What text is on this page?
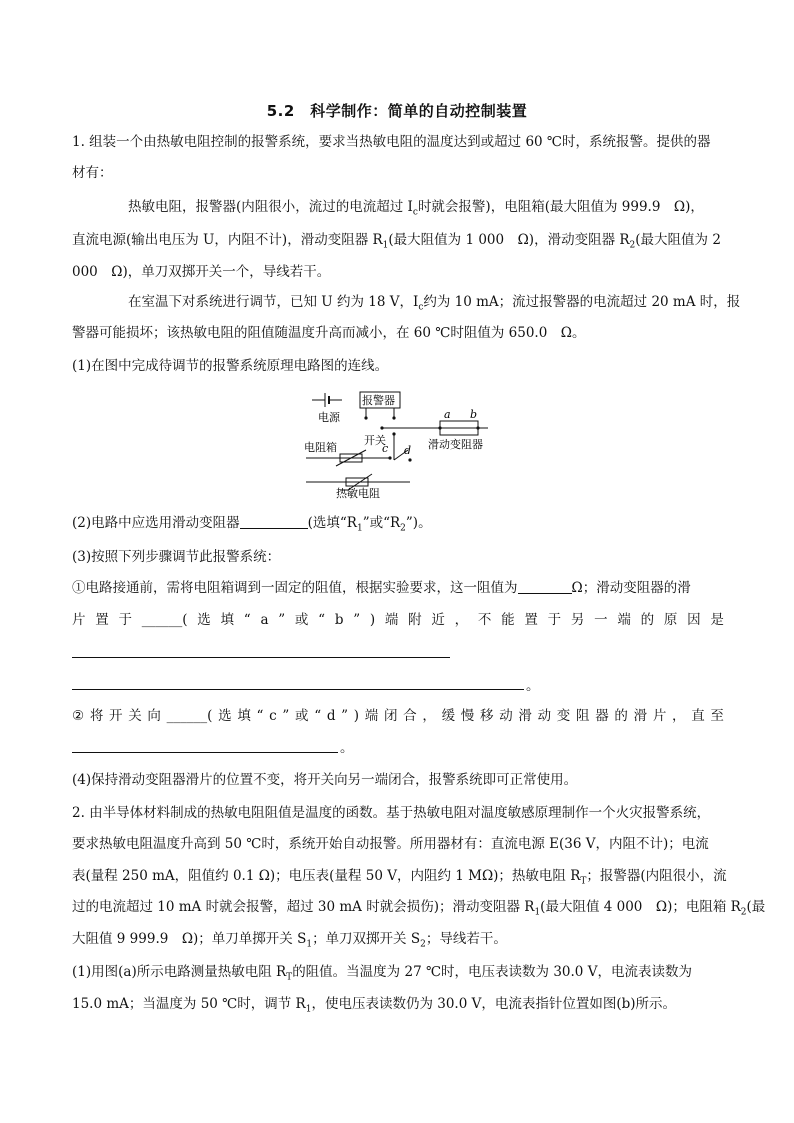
5.2　科学制作：简单的自动控制装置
1. 组装一个由热敏电阻控制的报警系统，要求当热敏电阻的温度达到或超过 60 ℃时，系统报警。提供的器
材有：
热敏电阻，报警器(内阻很小，流过的电流超过 $I_c$时就会报警)，电阻箱(最大阻值为 999.9　Ω)，
直流电源(输出电压为 U，内阻不计)，滑动变阻器 $R_1$(最大阻值为 1 000　Ω)，滑动变阻器 $R_2$(最大阻值为 2
000　Ω)，单刀双掷开关一个，导线若干。
在室温下对系统进行调节，已知 U 约为 18 V，$I_c$约为 10 mA；流过报警器的电流超过 20 mA 时，报
警器可能损坏；该热敏电阻的阻值随温度升高而减小，在 60 ℃时阻值为 650.0　Ω。
(1)在图中完成待调节的报警系统原理电路图的连线。
电源
报警器
开关
电阻箱	滑动变阻器
热敏电阻
a b
c d
(2)电路中应选用滑动变阻器	(选填“$R_1$”或“$R_2$”)。
(3)按照下列步骤调节此报警系统：
①电路接通前，需将电阻箱调到一固定的阻值，根据实验要求，这一阻值为	Ω；滑动变阻器的滑
片 置 于 ______( 选 填 “ a ” 或 “ b ” ) 端 附 近 ， 不 能 置 于 另 一 端 的 原 因 是
。
② 将 开 关 向 ______( 选 填 “ c ” 或 “ d ” ) 端 闭 合 ， 缓 慢 移 动 滑 动 变 阻 器 的 滑 片 ， 直 至
。
(4)保持滑动变阻器滑片的位置不变，将开关向另一端闭合，报警系统即可正常使用。
2. 由半导体材料制成的热敏电阻阻值是温度的函数。基于热敏电阻对温度敏感原理制作一个火灾报警系统，
要求热敏电阻温度升高到 50 ℃时，系统开始自动报警。所用器材有：直流电源 E(36 V，内阻不计)；电流
表(量程 250 mA，阻值约 0.1 Ω)；电压表(量程 50 V，内阻约 1 MΩ)；热敏电阻 $R_T$；报警器(内阻很小，流
过的电流超过 10 mA 时就会报警，超过 30 mA 时就会损伤)；滑动变阻器 $R_1$(最大阻值 4 000　Ω)；电阻箱 $R_2$(最
大阻值 9 999.9　Ω)；单刀单掷开关 $S_1$；单刀双掷开关 $S_2$；导线若干。
(1)用图(a)所示电路测量热敏电阻 $R_T$的阻值。当温度为 27 ℃时，电压表读数为 30.0 V，电流表读数为
15.0 mA；当温度为 50 ℃时，调节 $R_1$，使电压表读数仍为 30.0 V，电流表指针位置如图(b)所示。
